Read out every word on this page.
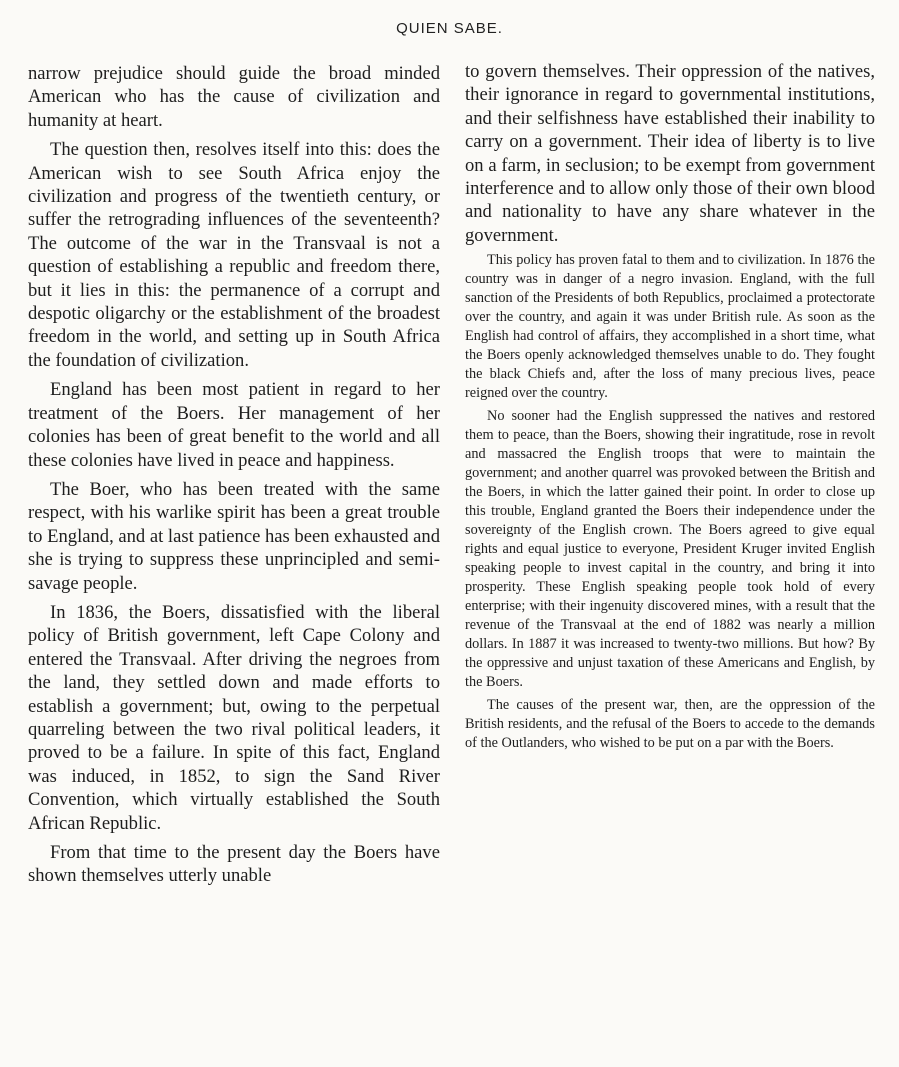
QUIEN SABE.

narrow prejudice should guide the broad minded American who has the cause of civilization and humanity at heart.

The question then, resolves itself into this: does the American wish to see South Africa enjoy the civilization and progress of the twentieth century, or suffer the retrograding influences of the seventeenth? The outcome of the war in the Transvaal is not a question of establishing a republic and freedom there, but it lies in this: the permanence of a corrupt and despotic oligarchy or the establishment of the broadest freedom in the world, and setting up in South Africa the foundation of civilization.

England has been most patient in regard to her treatment of the Boers. Her management of her colonies has been of great benefit to the world and all these colonies have lived in peace and happiness.

The Boer, who has been treated with the same respect, with his warlike spirit has been a great trouble to England, and at last patience has been exhausted and she is trying to suppress these unprincipled and semi-savage people.

In 1836, the Boers, dissatisfied with the liberal policy of British government, left Cape Colony and entered the Transvaal. After driving the negroes from the land, they settled down and made efforts to establish a government; but, owing to the perpetual quarreling between the two rival political leaders, it proved to be a failure. In spite of this fact, England was induced, in 1852, to sign the Sand River Convention, which virtually established the South African Republic.

From that time to the present day the Boers have shown themselves utterly unable

to govern themselves. Their oppression of the natives, their ignorance in regard to governmental institutions, and their selfishness have established their inability to carry on a government. Their idea of liberty is to live on a farm, in seclusion; to be exempt from government interference and to allow only those of their own blood and nationality to have any share whatever in the government.

This policy has proven fatal to them and to civilization. In 1876 the country was in danger of a negro invasion. England, with the full sanction of the Presidents of both Republics, proclaimed a protectorate over the country, and again it was under British rule. As soon as the English had control of affairs, they accomplished in a short time, what the Boers openly acknowledged themselves unable to do. They fought the black Chiefs and, after the loss of many precious lives, peace reigned over the country.

No sooner had the English suppressed the natives and restored them to peace, than the Boers, showing their ingratitude, rose in revolt and massacred the English troops that were to maintain the government; and another quarrel was provoked between the British and the Boers, in which the latter gained their point. In order to close up this trouble, England granted the Boers their independence under the sovereignty of the English crown. The Boers agreed to give equal rights and equal justice to everyone, President Kruger invited English speaking people to invest capital in the country, and bring it into prosperity. These English speaking people took hold of every enterprise; with their ingenuity discovered mines, with a result that the revenue of the Transvaal at the end of 1882 was nearly a million dollars. In 1887 it was increased to twenty-two millions. But how? By the oppressive and unjust taxation of these Americans and English, by the Boers.

The causes of the present war, then, are the oppression of the British residents, and the refusal of the Boers to accede to the demands of the Outlanders, who wished to be put on a par with the Boers.
